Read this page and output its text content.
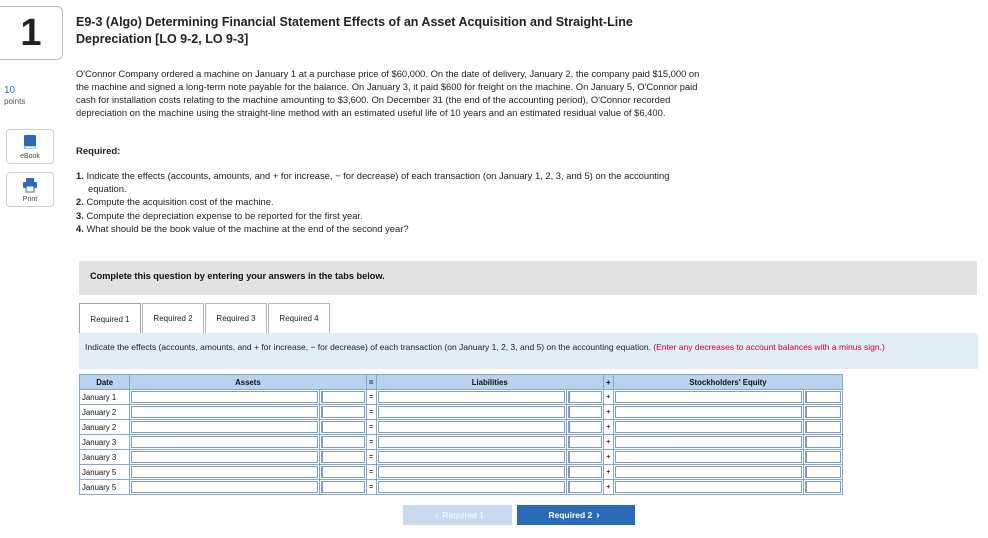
1
10
points
eBook
Print
E9-3 (Algo) Determining Financial Statement Effects of an Asset Acquisition and Straight-Line Depreciation [LO 9-2, LO 9-3]
O'Connor Company ordered a machine on January 1 at a purchase price of $60,000. On the date of delivery, January 2, the company paid $15,000 on the machine and signed a long-term note payable for the balance. On January 3, it paid $600 for freight on the machine. On January 5, O'Connor paid cash for installation costs relating to the machine amounting to $3,600. On December 31 (the end of the accounting period), O'Connor recorded depreciation on the machine using the straight-line method with an estimated useful life of 10 years and an estimated residual value of $6,400.
Required:
1. Indicate the effects (accounts, amounts, and + for increase, − for decrease) of each transaction (on January 1, 2, 3, and 5) on the accounting equation.
2. Compute the acquisition cost of the machine.
3. Compute the depreciation expense to be reported for the first year.
4. What should be the book value of the machine at the end of the second year?
Complete this question by entering your answers in the tabs below.
Required 1	Required 2	Required 3	Required 4
Indicate the effects (accounts, amounts, and + for increase, − for decrease) of each transaction (on January 1, 2, 3, and 5) on the accounting equation. (Enter any decreases to account balances with a minus sign.)
Date	Assets		=	Liabilities		+	Stockholders' Equity	
January 1			=			+	

January 2			=			+	

January 2			=			+	

January 3			=			+	

January 3			=			+	

January 5			=			+	

January 5			=			+	

‹ Required 1	Required 2 ›
